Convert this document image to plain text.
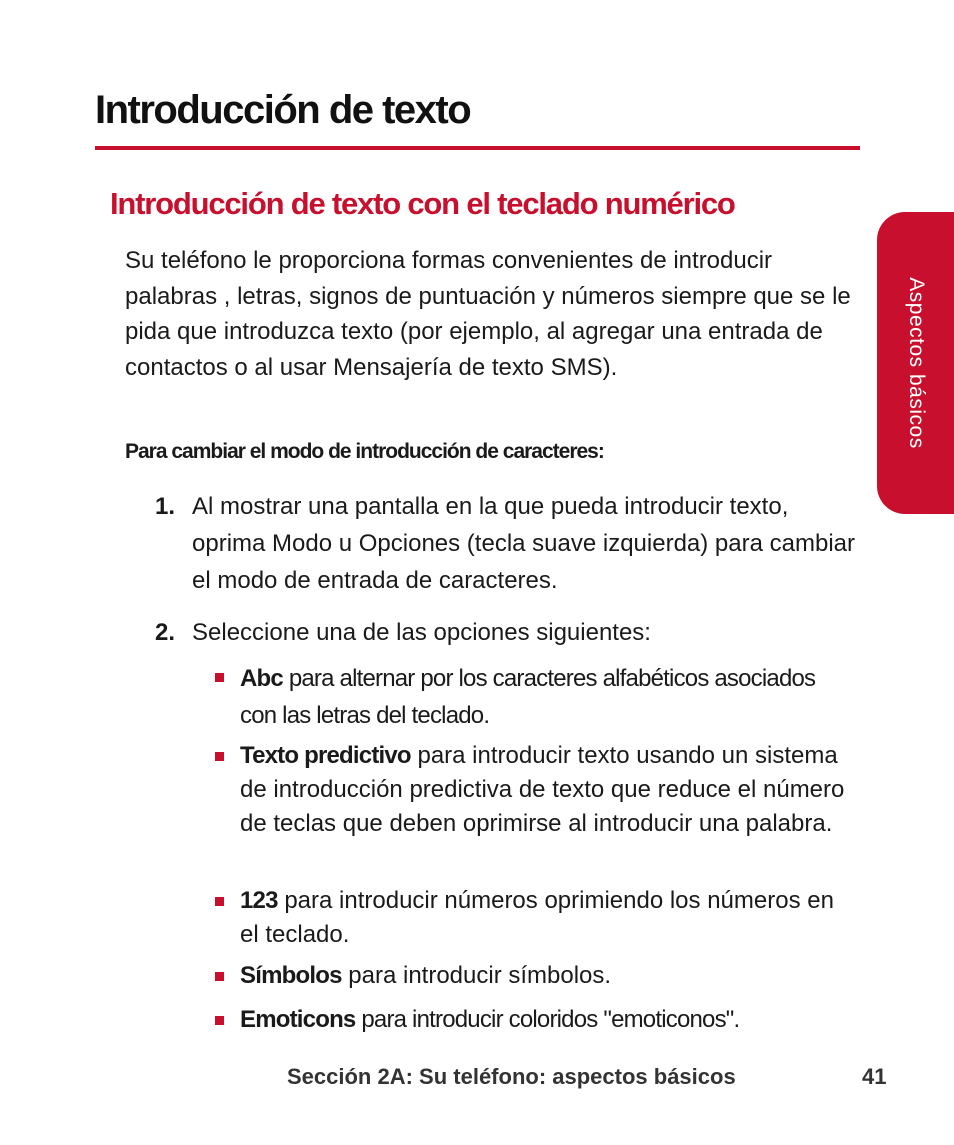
Introducción de texto
Introducción de texto con el teclado numérico
Aspectos básicos

Su teléfono le proporciona formas convenientes de introducir palabras , letras, signos de puntuación y números siempre que se le pida que introduzca texto (por ejemplo, al agregar una entrada de contactos o al usar Mensajería de texto SMS).

Para cambiar el modo de introducción de caracteres:

1. Al mostrar una pantalla en la que pueda introducir texto, oprima Modo u Opciones (tecla suave izquierda) para cambiar el modo de entrada de caracteres.
2. Seleccione una de las opciones siguientes:
Abc para alternar por los caracteres alfabéticos asociados con las letras del teclado.
Texto predictivo para introducir texto usando un sistema de introducción predictiva de texto que reduce el número de teclas que deben oprimirse al introducir una palabra.
123 para introducir números oprimiendo los números en el teclado.
Símbolos para introducir símbolos.
Emoticons para introducir coloridos "emoticonos".
Sección 2A: Su teléfono: aspectos básicos	41
